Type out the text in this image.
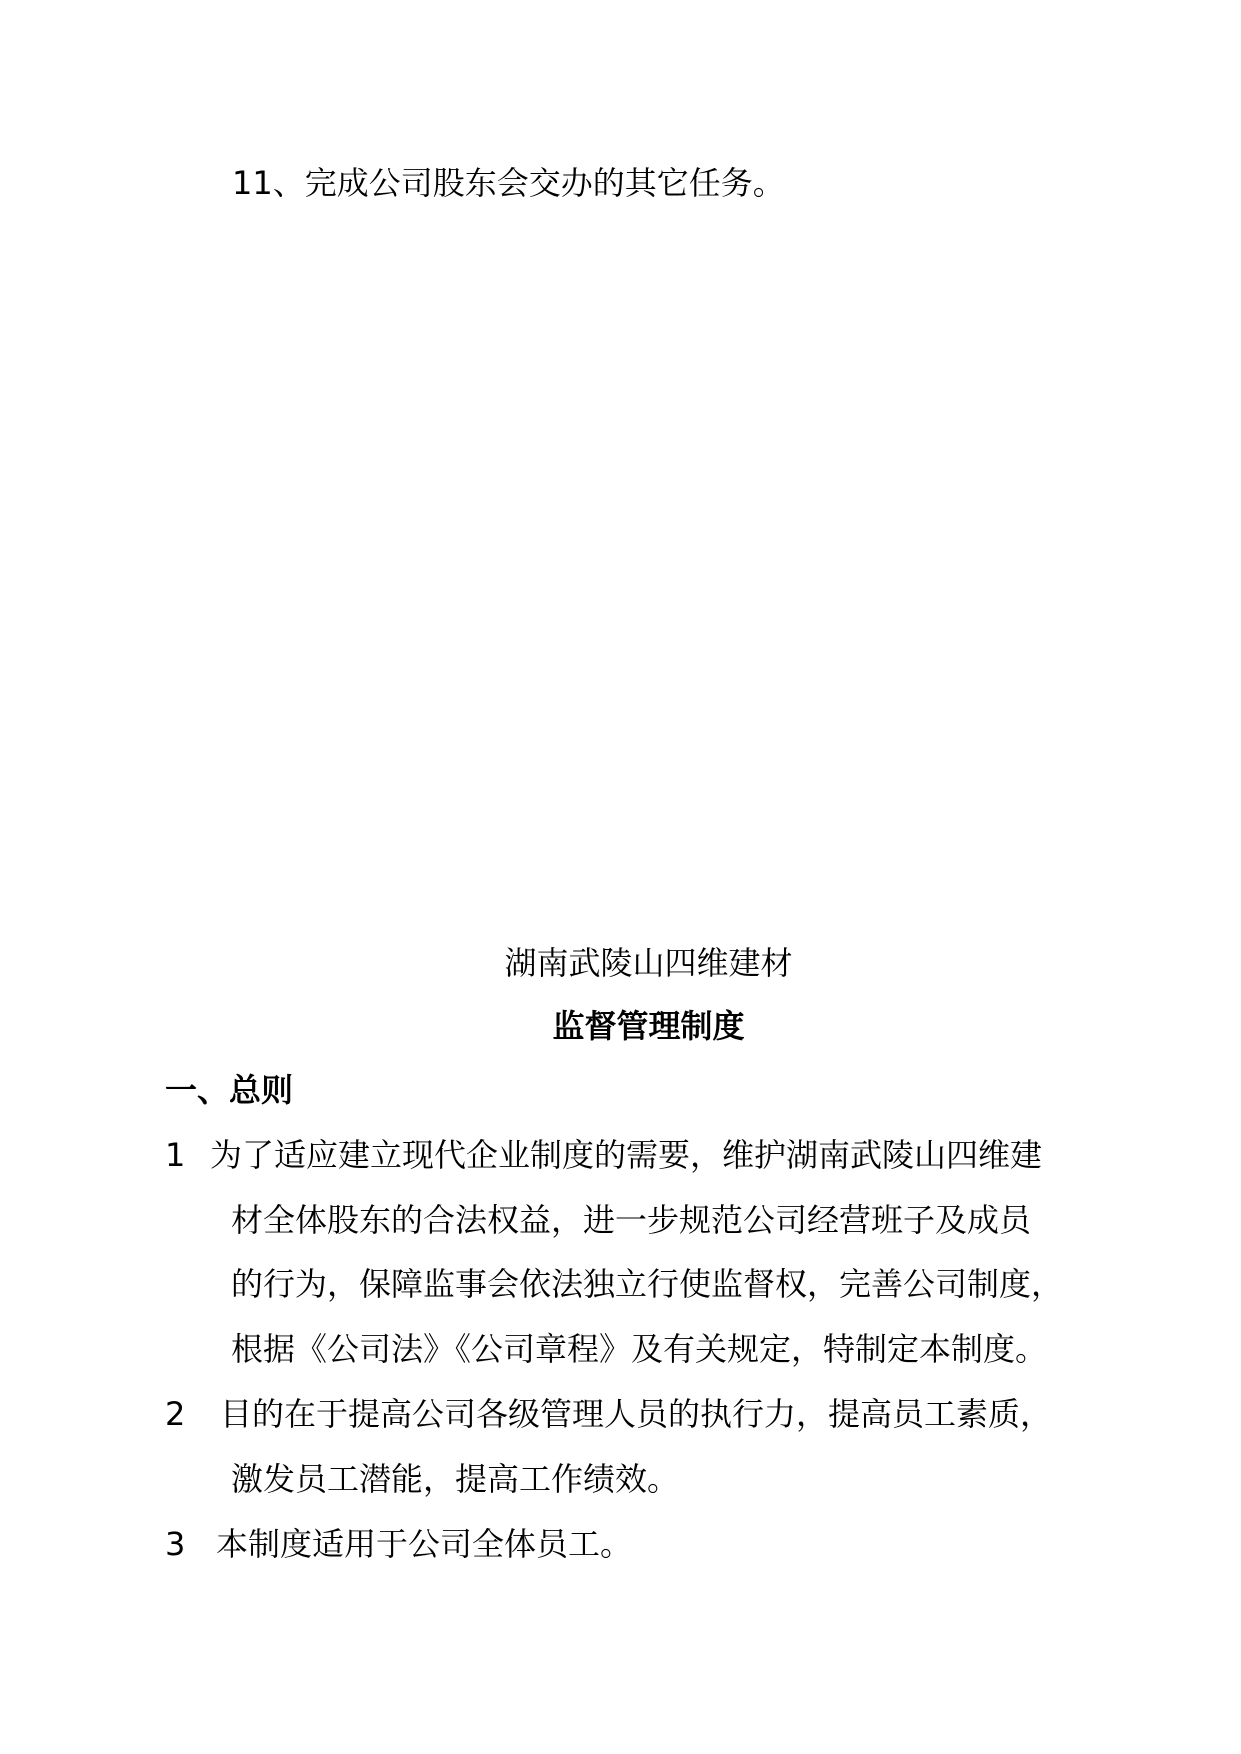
11、完成公司股东会交办的其它任务。
湖南武陵山四维建材
监督管理制度
一、总则
1 为了适应建立现代企业制度的需要，维护湖南武陵山四维建
材全体股东的合法权益，进一步规范公司经营班子及成员
的行为，保障监事会依法独立行使监督权，完善公司制度，
根据《公司法》《公司章程》及有关规定，特制定本制度。
2 目的在于提高公司各级管理人员的执行力，提高员工素质，
激发员工潜能，提高工作绩效。
3 本制度适用于公司全体员工。
